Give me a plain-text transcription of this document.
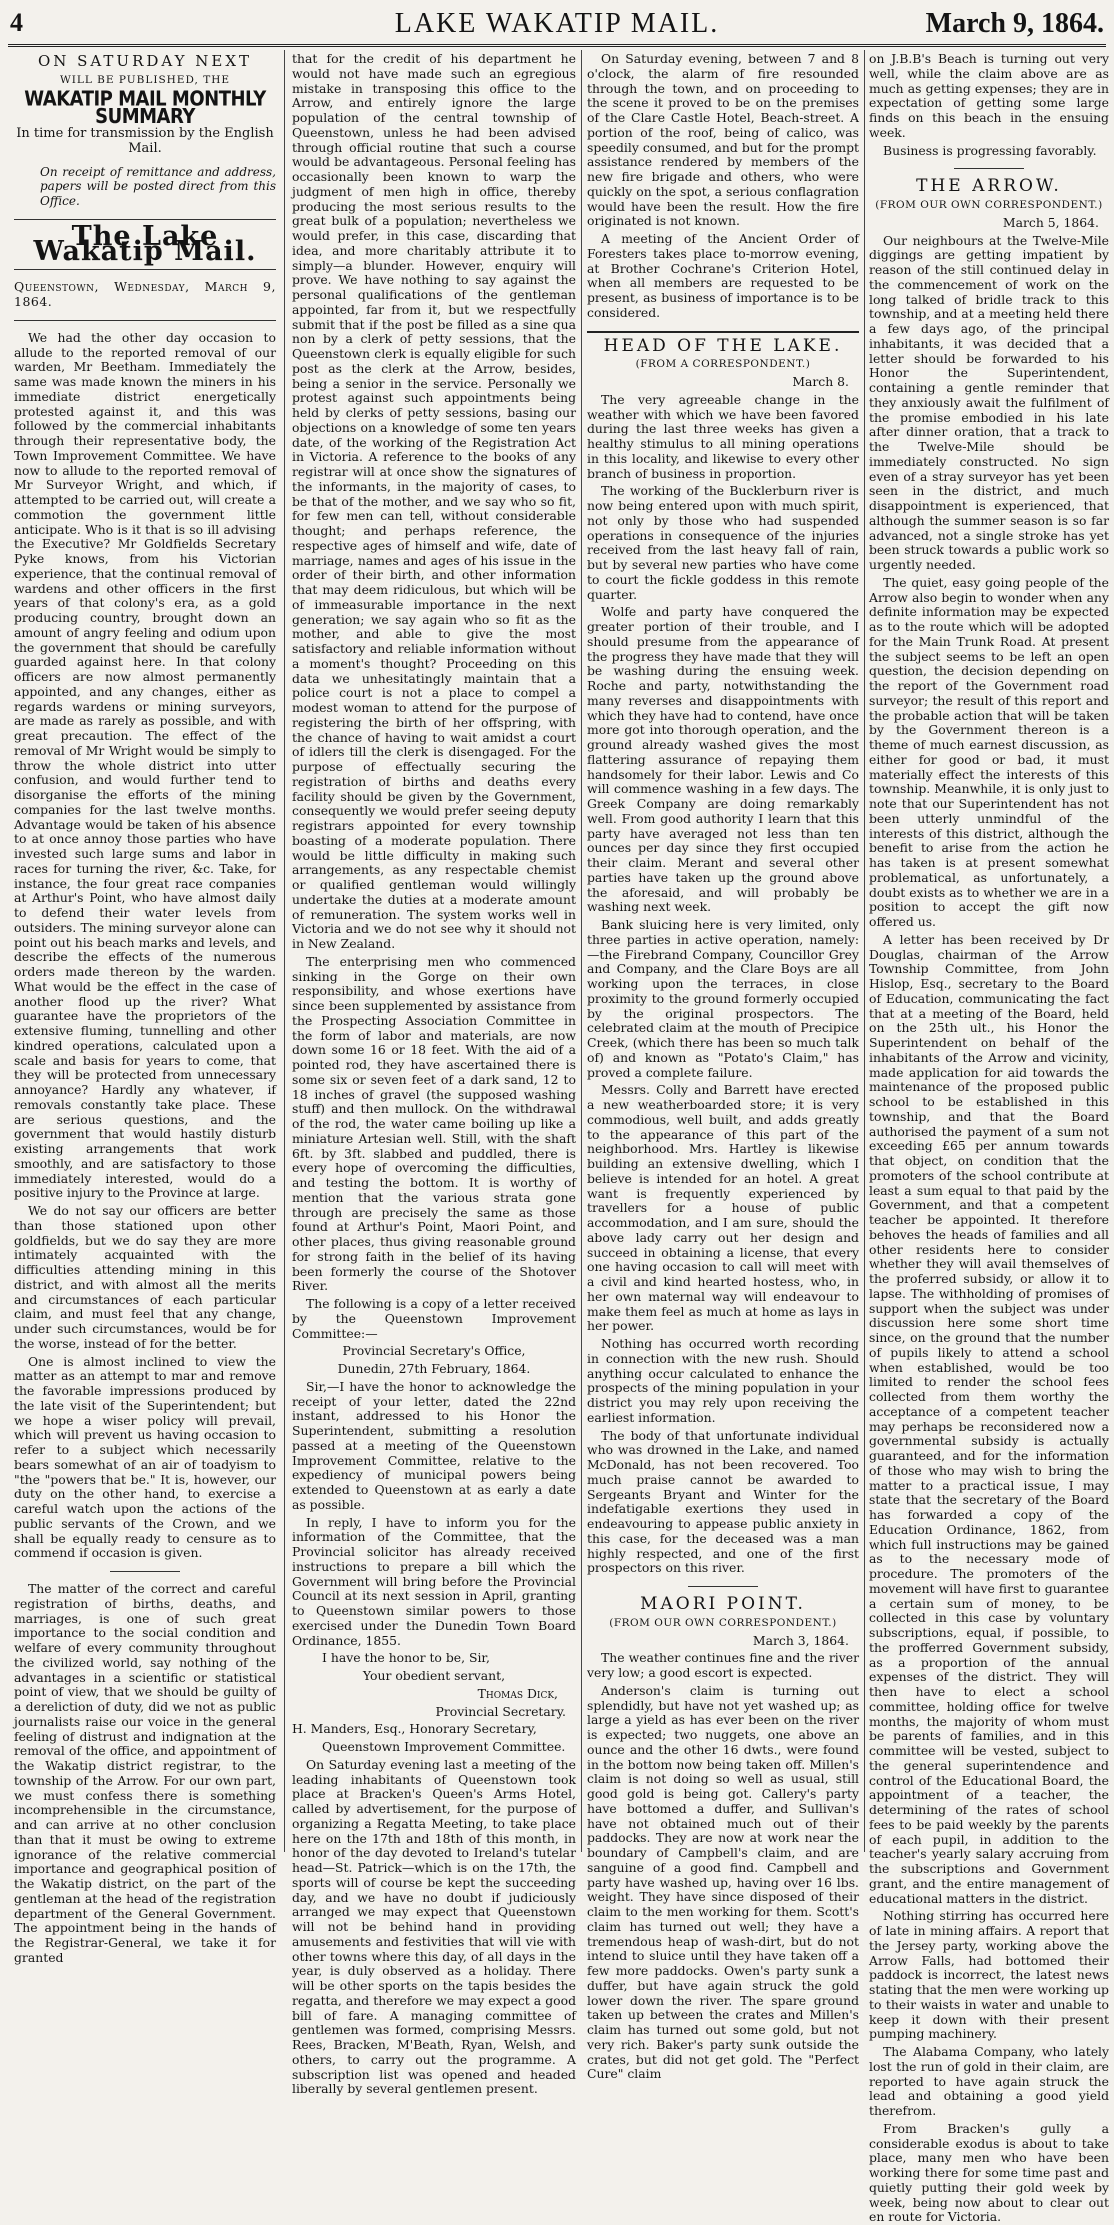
4	LAKE WAKATIP MAIL.	March 9, 1864.
ON SATURDAY NEXT
WILL BE PUBLISHED, THE
WAKATIP MAIL MONTHLY SUMMARY
In time for transmission by the English Mail.

On receipt of remittance and address, papers will be posted direct from this Office.

The Lake Wakatip Mail.

Queenstown, Wednesday, March 9, 1864.

We had the other day occasion to allude to the reported removal of our warden, Mr Beetham. Immediately the same was made known the miners in his immediate district energetically protested against it, and this was followed by the commercial inhabitants through their representative body, the Town Improvement Committee. We have now to allude to the reported removal of Mr Surveyor Wright, and which, if attempted to be carried out, will create a commotion the government little anticipate. Who is it that is so ill advising the Executive? Mr Goldfields Secretary Pyke knows, from his Victorian experience, that the continual removal of wardens and other officers in the first years of that colony's era, as a gold producing country, brought down an amount of angry feeling and odium upon the government that should be carefully guarded against here. In that colony officers are now almost permanently appointed, and any changes, either as regards wardens or mining surveyors, are made as rarely as possible, and with great precaution. The effect of the removal of Mr Wright would be simply to throw the whole district into utter confusion, and would further tend to disorganise the efforts of the mining companies for the last twelve months. Advantage would be taken of his absence to at once annoy those parties who have invested such large sums and labor in races for turning the river, &c. Take, for instance, the four great race companies at Arthur's Point, who have almost daily to defend their water levels from outsiders. The mining surveyor alone can point out his beach marks and levels, and describe the effects of the numerous orders made thereon by the warden. What would be the effect in the case of another flood up the river? What guarantee have the proprietors of the extensive fluming, tunnelling and other kindred operations, calculated upon a scale and basis for years to come, that they will be protected from unnecessary annoyance? Hardly any whatever, if removals constantly take place. These are serious questions, and the government that would hastily disturb existing arrangements that work smoothly, and are satisfactory to those immediately interested, would do a positive injury to the Province at large.

We do not say our officers are better than those stationed upon other goldfields, but we do say they are more intimately acquainted with the difficulties attending mining in this district, and with almost all the merits and circumstances of each particular claim, and must feel that any change, under such circumstances, would be for the worse, instead of for the better.

One is almost inclined to view the matter as an attempt to mar and remove the favorable impressions produced by the late visit of the Superintendent; but we hope a wiser policy will prevail, which will prevent us having occasion to refer to a subject which necessarily bears somewhat of an air of toadyism to "the "powers that be." It is, however, our duty on the other hand, to exercise a careful watch upon the actions of the public servants of the Crown, and we shall be equally ready to censure as to commend if occasion is given.

The matter of the correct and careful registration of births, deaths, and marriages, is one of such great importance to the social condition and welfare of every community throughout the civilized world, say nothing of the advantages in a scientific or statistical point of view, that we should be guilty of a dereliction of duty, did we not as public journalists raise our voice in the general feeling of distrust and indignation at the removal of the office, and appointment of the Wakatip district registrar, to the township of the Arrow. For our own part, we must confess there is something incomprehensible in the circumstance, and can arrive at no other conclusion than that it must be owing to extreme ignorance of the relative commercial importance and geographical position of the Wakatip district, on the part of the gentleman at the head of the registration department of the General Government. The appointment being in the hands of the Registrar-General, we take it for granted

that for the credit of his department he would not have made such an egregious mistake in transposing this office to the Arrow, and entirely ignore the large population of the central township of Queenstown, unless he had been advised through official routine that such a course would be advantageous. Personal feeling has occasionally been known to warp the judgment of men high in office, thereby producing the most serious results to the great bulk of a population; nevertheless we would prefer, in this case, discarding that idea, and more charitably attribute it to simply—a blunder. However, enquiry will prove. We have nothing to say against the personal qualifications of the gentleman appointed, far from it, but we respectfully submit that if the post be filled as a sine qua non by a clerk of petty sessions, that the Queenstown clerk is equally eligible for such post as the clerk at the Arrow, besides, being a senior in the service. Personally we protest against such appointments being held by clerks of petty sessions, basing our objections on a knowledge of some ten years date, of the working of the Registration Act in Victoria. A reference to the books of any registrar will at once show the signatures of the informants, in the majority of cases, to be that of the mother, and we say who so fit, for few men can tell, without considerable thought; and perhaps reference, the respective ages of himself and wife, date of marriage, names and ages of his issue in the order of their birth, and other information that may deem ridiculous, but which will be of immeasurable importance in the next generation; we say again who so fit as the mother, and able to give the most satisfactory and reliable information without a moment's thought? Proceeding on this data we unhesitatingly maintain that a police court is not a place to compel a modest woman to attend for the purpose of registering the birth of her offspring, with the chance of having to wait amidst a court of idlers till the clerk is disengaged. For the purpose of effectually securing the registration of births and deaths every facility should be given by the Government, consequently we would prefer seeing deputy registrars appointed for every township boasting of a moderate population. There would be little difficulty in making such arrangements, as any respectable chemist or qualified gentleman would willingly undertake the duties at a moderate amount of remuneration. The system works well in Victoria and we do not see why it should not in New Zealand.

The enterprising men who commenced sinking in the Gorge on their own responsibility, and whose exertions have since been supplemented by assistance from the Prospecting Association Committee in the form of labor and materials, are now down some 16 or 18 feet. With the aid of a pointed rod, they have ascertained there is some six or seven feet of a dark sand, 12 to 18 inches of gravel (the supposed washing stuff) and then mullock. On the withdrawal of the rod, the water came boiling up like a miniature Artesian well. Still, with the shaft 6ft. by 3ft. slabbed and puddled, there is every hope of overcoming the difficulties, and testing the bottom. It is worthy of mention that the various strata gone through are precisely the same as those found at Arthur's Point, Maori Point, and other places, thus giving reasonable ground for strong faith in the belief of its having been formerly the course of the Shotover River.

The following is a copy of a letter received by the Queenstown Improvement Committee:—

Provincial Secretary's Office,

Dunedin, 27th February, 1864.

Sir,—I have the honor to acknowledge the receipt of your letter, dated the 22nd instant, addressed to his Honor the Superintendent, submitting a resolution passed at a meeting of the Queenstown Improvement Committee, relative to the expediency of municipal powers being extended to Queenstown at as early a date as possible.

In reply, I have to inform you for the information of the Committee, that the Provincial solicitor has already received instructions to prepare a bill which the Government will bring before the Provincial Council at its next session in April, granting to Queenstown similar powers to those exercised under the Dunedin Town Board Ordinance, 1855.

I have the honor to be, Sir,

Your obedient servant,

Thomas Dick,

Provincial Secretary.

H. Manders, Esq., Honorary Secretary,

Queenstown Improvement Committee.

On Saturday evening last a meeting of the leading inhabitants of Queenstown took place at Bracken's Queen's Arms Hotel, called by advertisement, for the purpose of organizing a Regatta Meeting, to take place here on the 17th and 18th of this month, in honor of the day devoted to Ireland's tutelar head—St. Patrick—which is on the 17th, the sports will of course be kept the succeeding day, and we have no doubt if judiciously arranged we may expect that Queenstown will not be behind hand in providing amusements and festivities that will vie with other towns where this day, of all days in the year, is duly observed as a holiday. There will be other sports on the tapis besides the regatta, and therefore we may expect a good bill of fare. A managing committee of gentlemen was formed, comprising Messrs. Rees, Bracken, M'Beath, Ryan, Welsh, and others, to carry out the programme. A subscription list was opened and headed liberally by several gentlemen present.

On Saturday evening, between 7 and 8 o'clock, the alarm of fire resounded through the town, and on proceeding to the scene it proved to be on the premises of the Clare Castle Hotel, Beach-street. A portion of the roof, being of calico, was speedily consumed, and but for the prompt assistance rendered by members of the new fire brigade and others, who were quickly on the spot, a serious conflagration would have been the result. How the fire originated is not known.

A meeting of the Ancient Order of Foresters takes place to-morrow evening, at Brother Cochrane's Criterion Hotel, when all members are requested to be present, as business of importance is to be considered.

HEAD OF THE LAKE.

(FROM A CORRESPONDENT.)

March 8.

The very agreeable change in the weather with which we have been favored during the last three weeks has given a healthy stimulus to all mining operations in this locality, and likewise to every other branch of business in proportion.

The working of the Bucklerburn river is now being entered upon with much spirit, not only by those who had suspended operations in consequence of the injuries received from the last heavy fall of rain, but by several new parties who have come to court the fickle goddess in this remote quarter.

Wolfe and party have conquered the greater portion of their trouble, and I should presume from the appearance of the progress they have made that they will be washing during the ensuing week. Roche and party, notwithstanding the many reverses and disappointments with which they have had to contend, have once more got into thorough operation, and the ground already washed gives the most flattering assurance of repaying them handsomely for their labor. Lewis and Co will commence washing in a few days. The Greek Company are doing remarkably well. From good authority I learn that this party have averaged not less than ten ounces per day since they first occupied their claim. Merant and several other parties have taken up the ground above the aforesaid, and will probably be washing next week.

Bank sluicing here is very limited, only three parties in active operation, namely:—the Firebrand Company, Councillor Grey and Company, and the Clare Boys are all working upon the terraces, in close proximity to the ground formerly occupied by the original prospectors. The celebrated claim at the mouth of Precipice Creek, (which there has been so much talk of) and known as "Potato's Claim," has proved a complete failure.

Messrs. Colly and Barrett have erected a new weatherboarded store; it is very commodious, well built, and adds greatly to the appearance of this part of the neighborhood. Mrs. Hartley is likewise building an extensive dwelling, which I believe is intended for an hotel. A great want is frequently experienced by travellers for a house of public accommodation, and I am sure, should the above lady carry out her design and succeed in obtaining a license, that every one having occasion to call will meet with a civil and kind hearted hostess, who, in her own maternal way will endeavour to make them feel as much at home as lays in her power.

Nothing has occurred worth recording in connection with the new rush. Should anything occur calculated to enhance the prospects of the mining population in your district you may rely upon receiving the earliest information.

The body of that unfortunate individual who was drowned in the Lake, and named McDonald, has not been recovered. Too much praise cannot be awarded to Sergeants Bryant and Winter for the indefatigable exertions they used in endeavouring to appease public anxiety in this case, for the deceased was a man highly respected, and one of the first prospectors on this river.

MAORI POINT.

(FROM OUR OWN CORRESPONDENT.)

March 3, 1864.

The weather continues fine and the river very low; a good escort is expected.

Anderson's claim is turning out splendidly, but have not yet washed up; as large a yield as has ever been on the river is expected; two nuggets, one above an ounce and the other 16 dwts., were found in the bottom now being taken off. Millen's claim is not doing so well as usual, still good gold is being got. Callery's party have bottomed a duffer, and Sullivan's have not obtained much out of their paddocks. They are now at work near the boundary of Campbell's claim, and are sanguine of a good find. Campbell and party have washed up, having over 16 lbs. weight. They have since disposed of their claim to the men working for them. Scott's claim has turned out well; they have a tremendous heap of wash-dirt, but do not intend to sluice until they have taken off a few more paddocks. Owen's party sunk a duffer, but have again struck the gold lower down the river. The spare ground taken up between the crates and Millen's claim has turned out some gold, but not very rich. Baker's party sunk outside the crates, but did not get gold. The "Perfect Cure" claim

on J.B.B's Beach is turning out very well, while the claim above are as much as getting expenses; they are in expectation of getting some large finds on this beach in the ensuing week.

Business is progressing favorably.

THE ARROW.

(FROM OUR OWN CORRESPONDENT.)

March 5, 1864.

Our neighbours at the Twelve-Mile diggings are getting impatient by reason of the still continued delay in the commencement of work on the long talked of bridle track to this township, and at a meeting held there a few days ago, of the principal inhabitants, it was decided that a letter should be forwarded to his Honor the Superintendent, containing a gentle reminder that they anxiously await the fulfilment of the promise embodied in his late after dinner oration, that a track to the Twelve-Mile should be immediately constructed. No sign even of a stray surveyor has yet been seen in the district, and much disappointment is experienced, that although the summer season is so far advanced, not a single stroke has yet been struck towards a public work so urgently needed.

The quiet, easy going people of the Arrow also begin to wonder when any definite information may be expected as to the route which will be adopted for the Main Trunk Road. At present the subject seems to be left an open question, the decision depending on the report of the Government road surveyor; the result of this report and the probable action that will be taken by the Government thereon is a theme of much earnest discussion, as either for good or bad, it must materially effect the interests of this township. Meanwhile, it is only just to note that our Superintendent has not been utterly unmindful of the interests of this district, although the benefit to arise from the action he has taken is at present somewhat problematical, as unfortunately, a doubt exists as to whether we are in a position to accept the gift now offered us.

A letter has been received by Dr Douglas, chairman of the Arrow Township Committee, from John Hislop, Esq., secretary to the Board of Education, communicating the fact that at a meeting of the Board, held on the 25th ult., his Honor the Superintendent on behalf of the inhabitants of the Arrow and vicinity, made application for aid towards the maintenance of the proposed public school to be established in this township, and that the Board authorised the payment of a sum not exceeding £65 per annum towards that object, on condition that the promoters of the school contribute at least a sum equal to that paid by the Government, and that a competent teacher be appointed. It therefore behoves the heads of families and all other residents here to consider whether they will avail themselves of the proferred subsidy, or allow it to lapse. The withholding of promises of support when the subject was under discussion here some short time since, on the ground that the number of pupils likely to attend a school when established, would be too limited to render the school fees collected from them worthy the acceptance of a competent teacher may perhaps be reconsidered now a governmental subsidy is actually guaranteed, and for the information of those who may wish to bring the matter to a practical issue, I may state that the secretary of the Board has forwarded a copy of the Education Ordinance, 1862, from which full instructions may be gained as to the necessary mode of procedure. The promoters of the movement will have first to guarantee a certain sum of money, to be collected in this case by voluntary subscriptions, equal, if possible, to the profferred Government subsidy, as a proportion of the annual expenses of the district. They will then have to elect a school committee, holding office for twelve months, the majority of whom must be parents of families, and in this committee will be vested, subject to the general superintendence and control of the Educational Board, the appointment of a teacher, the determining of the rates of school fees to be paid weekly by the parents of each pupil, in addition to the teacher's yearly salary accruing from the subscriptions and Government grant, and the entire management of educational matters in the district.

Nothing stirring has occurred here of late in mining affairs. A report that the Jersey party, working above the Arrow Falls, had bottomed their paddock is incorrect, the latest news stating that the men were working up to their waists in water and unable to keep it down with their present pumping machinery.

The Alabama Company, who lately lost the run of gold in their claim, are reported to have again struck the lead and obtaining a good yield therefrom.

From Bracken's gully a considerable exodus is about to take place, many men who have been working there for some time past and quietly putting their gold week by week, being now about to clear out en route for Victoria.
